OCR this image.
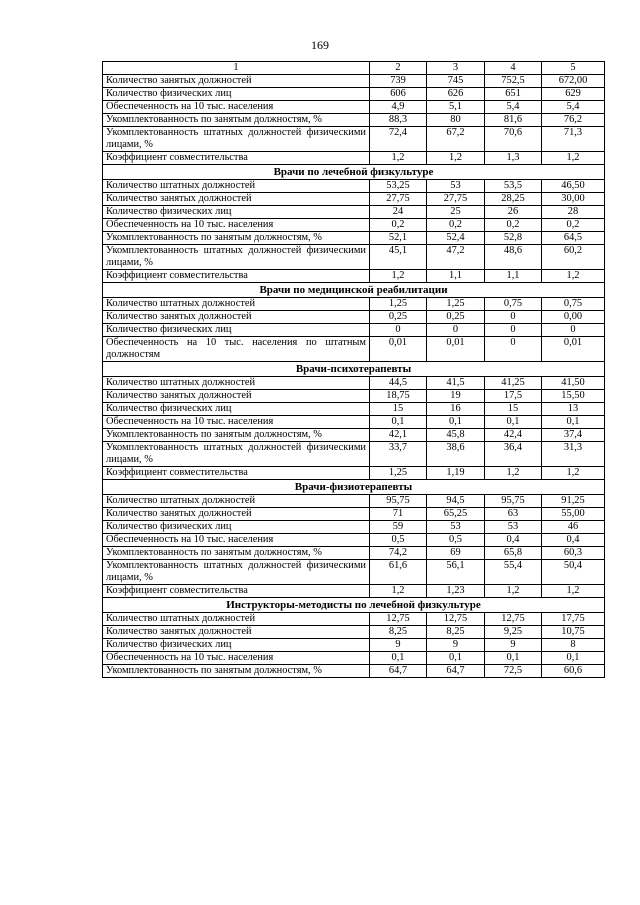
169
1	2	3	4	5
Количество занятых должностей	739	745	752,5	672,00
Количество физических лиц	606	626	651	629
Обеспеченность на 10 тыс. населения	4,9	5,1	5,4	5,4
Укомплектованность по занятым должностям, %	88,3	80	81,6	76,2
Укомплектованность штатных должностей физическими лицами, %	72,4	67,2	70,6	71,3
Коэффициент совместительства	1,2	1,2	1,3	1,2
Врачи по лечебной физкультуре				
Количество штатных должностей	53,25	53	53,5	46,50
Количество занятых должностей	27,75	27,75	28,25	30,00
Количество физических лиц	24	25	26	28
Обеспеченность на 10 тыс. населения	0,2	0,2	0,2	0,2
Укомплектованность по занятым должностям, %	52,1	52,4	52,8	64,5
Укомплектованность штатных должностей физическими лицами, %	45,1	47,2	48,6	60,2
Коэффициент совместительства	1,2	1,1	1,1	1,2
Врачи по медицинской реабилитации				
Количество штатных должностей	1,25	1,25	0,75	0,75
Количество занятых должностей	0,25	0,25	0	0,00
Количество физических лиц	0	0	0	0
Обеспеченность на 10 тыс. населения по штатным должностям	0,01	0,01	0	0,01
Врачи-психотерапевты				
Количество штатных должностей	44,5	41,5	41,25	41,50
Количество занятых должностей	18,75	19	17,5	15,50
Количество физических лиц	15	16	15	13
Обеспеченность на 10 тыс. населения	0,1	0,1	0,1	0,1
Укомплектованность по занятым должностям, %	42,1	45,8	42,4	37,4
Укомплектованность штатных должностей физическими лицами, %	33,7	38,6	36,4	31,3
Коэффициент совместительства	1,25	1,19	1,2	1,2
Врачи-физиотерапевты				
Количество штатных должностей	95,75	94,5	95,75	91,25
Количество занятых должностей	71	65,25	63	55,00
Количество физических лиц	59	53	53	46
Обеспеченность на 10 тыс. населения	0,5	0,5	0,4	0,4
Укомплектованность по занятым должностям, %	74,2	69	65,8	60,3
Укомплектованность штатных должностей физическими лицами, %	61,6	56,1	55,4	50,4
Коэффициент совместительства	1,2	1,23	1,2	1,2
Инструкторы-методисты по лечебной физкультуре				
Количество штатных должностей	12,75	12,75	12,75	17,75
Количество занятых должностей	8,25	8,25	9,25	10,75
Количество физических лиц	9	9	9	8
Обеспеченность на 10 тыс. населения	0,1	0,1	0,1	0,1
Укомплектованность по занятым должностям, %	64,7	64,7	72,5	60,6
